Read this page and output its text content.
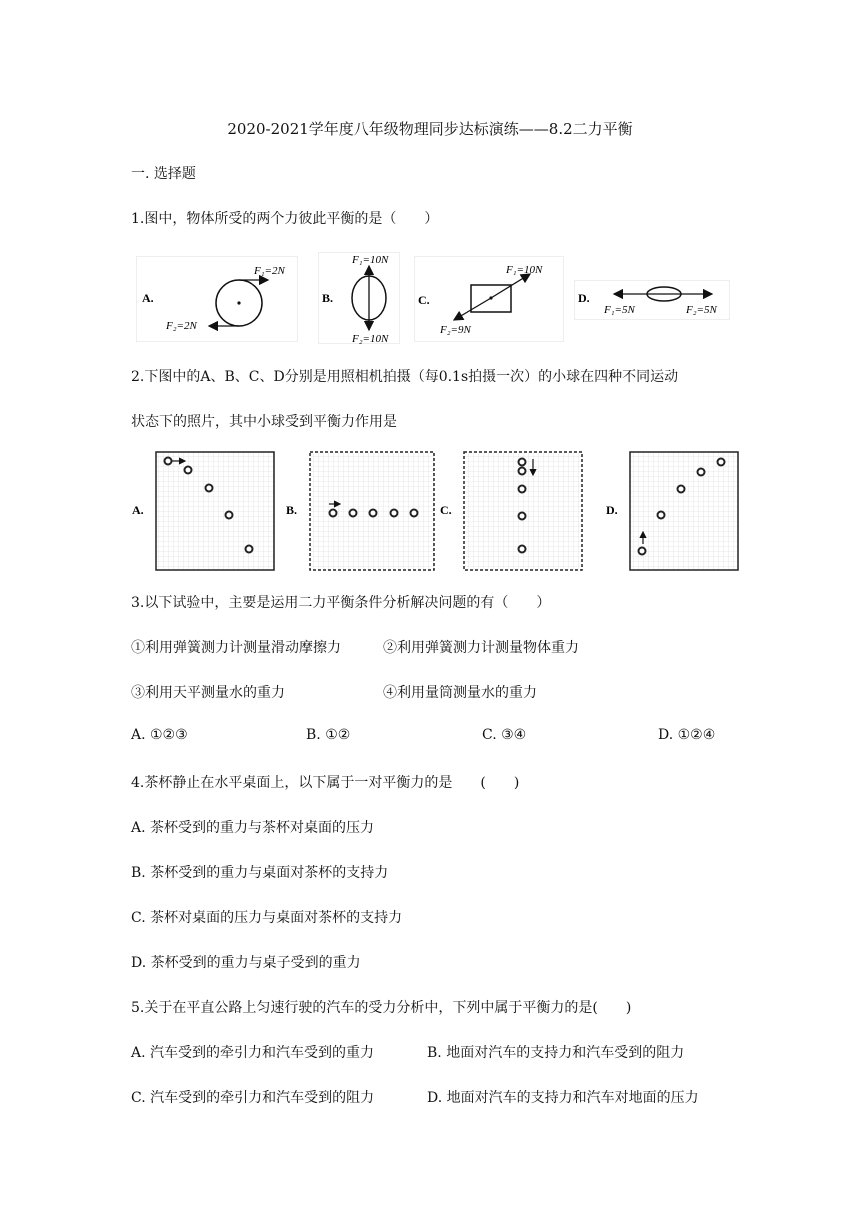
2020-2021学年度八年级物理同步达标演练——8.2二力平衡
一. 选择题
1.图中，物体所受的两个力彼此平衡的是（　　）
A.
F₁=2N
F₂=2N
B.
F₁=10N
F₂=10N
C.
F₁=10N
F₂=9N
D.
F₁=5N	F₂=5N
2.下图中的A、B、C、D分别是用照相机拍摄（每0.1s拍摄一次）的小球在四种不同运动
状态下的照片，其中小球受到平衡力作用是
A.	B.	C.	D.
3.以下试验中，主要是运用二力平衡条件分析解决问题的有（　　）
①利用弹簧测力计测量滑动摩擦力	②利用弹簧测力计测量物体重力
③利用天平测量水的重力	④利用量筒测量水的重力
A. ①②③	B. ①②	C. ③④	D. ①②④
4.茶杯静止在水平桌面上，以下属于一对平衡力的是　　(　　)
A. 茶杯受到的重力与茶杯对桌面的压力
B. 茶杯受到的重力与桌面对茶杯的支持力
C. 茶杯对桌面的压力与桌面对茶杯的支持力
D. 茶杯受到的重力与桌子受到的重力
5.关于在平直公路上匀速行驶的汽车的受力分析中，下列中属于平衡力的是(　　)
A. 汽车受到的牵引力和汽车受到的重力	B. 地面对汽车的支持力和汽车受到的阻力
C. 汽车受到的牵引力和汽车受到的阻力	D. 地面对汽车的支持力和汽车对地面的压力
